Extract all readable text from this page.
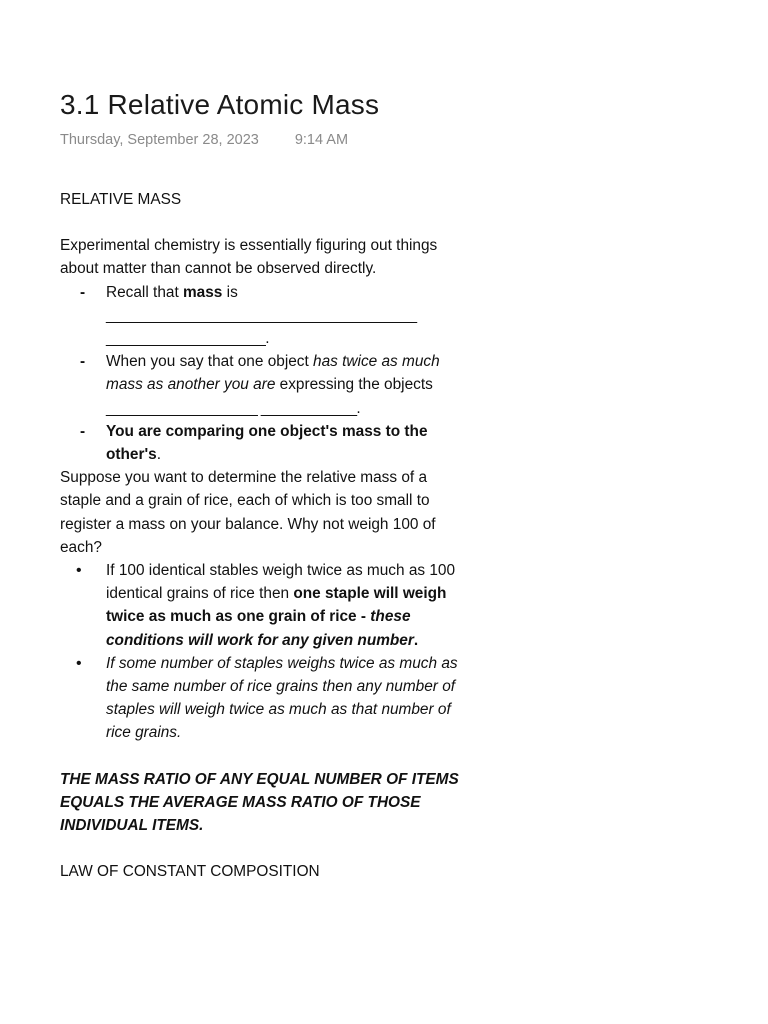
3.1 Relative Atomic Mass
Thursday, September 28, 2023 9:14 AM
RELATIVE MASS
Experimental chemistry is essentially figuring out things about matter than cannot be observed directly.
-	Recall that mass is
_______________________________________
____________________.
-	When you say that one object has twice as much mass as another you are expressing the objects ___________________ ____________.
-	You are comparing one object's mass to the other's.
Suppose you want to determine the relative mass of a staple and a grain of rice, each of which is too small to register a mass on your balance. Why not weigh 100 of each?
• If 100 identical stables weigh twice as much as 100 identical grains of rice then one staple will weigh twice as much as one grain of rice - these conditions will work for any given number.
• If some number of staples weighs twice as much as the same number of rice grains then any number of staples will weigh twice as much as that number of rice grains.
THE MASS RATIO OF ANY EQUAL NUMBER OF ITEMS EQUALS THE AVERAGE MASS RATIO OF THOSE INDIVIDUAL ITEMS.
LAW OF CONSTANT COMPOSITION
